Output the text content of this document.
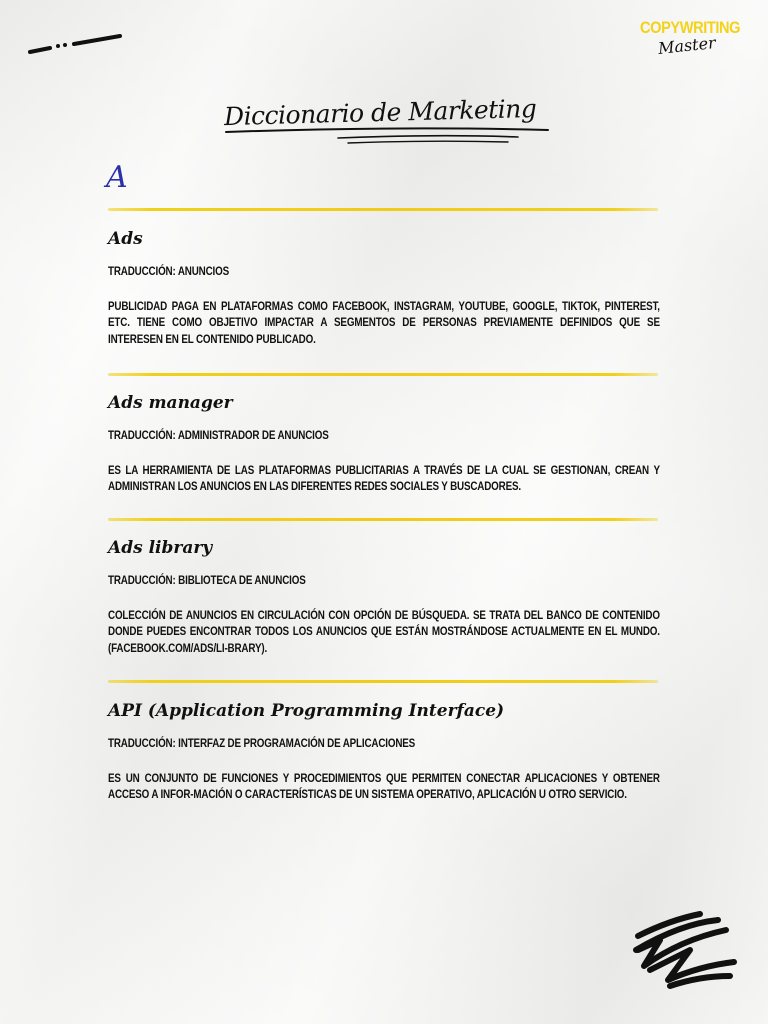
COPYWRITING
Master
Diccionario de Marketing
A
Ads
TRADUCCIÓN: ANUNCIOS
PUBLICIDAD PAGA EN PLATAFORMAS COMO FACEBOOK, INSTAGRAM, YOUTUBE, GOOGLE, TIKTOK, PINTEREST, ETC. TIENE COMO OBJETIVO IMPACTAR A SEGMENTOS DE PERSONAS PREVIAMENTE DEFINIDOS QUE SE INTERESEN EN EL CONTENIDO PUBLICADO.
Ads manager
TRADUCCIÓN: ADMINISTRADOR DE ANUNCIOS
ES LA HERRAMIENTA DE LAS PLATAFORMAS PUBLICITARIAS A TRAVÉS DE LA CUAL SE GESTIONAN, CREAN Y ADMINISTRAN LOS ANUNCIOS EN LAS DIFERENTES REDES SOCIALES Y BUSCADORES.
Ads library
TRADUCCIÓN: BIBLIOTECA DE ANUNCIOS
COLECCIÓN DE ANUNCIOS EN CIRCULACIÓN CON OPCIÓN DE BÚSQUEDA. SE TRATA DEL BANCO DE CONTENIDO DONDE PUEDES ENCONTRAR TODOS LOS ANUNCIOS QUE ESTÁN MOSTRÁNDOSE ACTUALMENTE EN EL MUNDO. (FACEBOOK.COM/ADS/LI-BRARY).
API (Application Programming Interface)
TRADUCCIÓN: INTERFAZ DE PROGRAMACIÓN DE APLICACIONES
ES UN CONJUNTO DE FUNCIONES Y PROCEDIMIENTOS QUE PERMITEN CONECTAR APLICACIONES Y OBTENER ACCESO A INFOR-MACIÓN O CARACTERÍSTICAS DE UN SISTEMA OPERATIVO, APLICACIÓN U OTRO SERVICIO.
